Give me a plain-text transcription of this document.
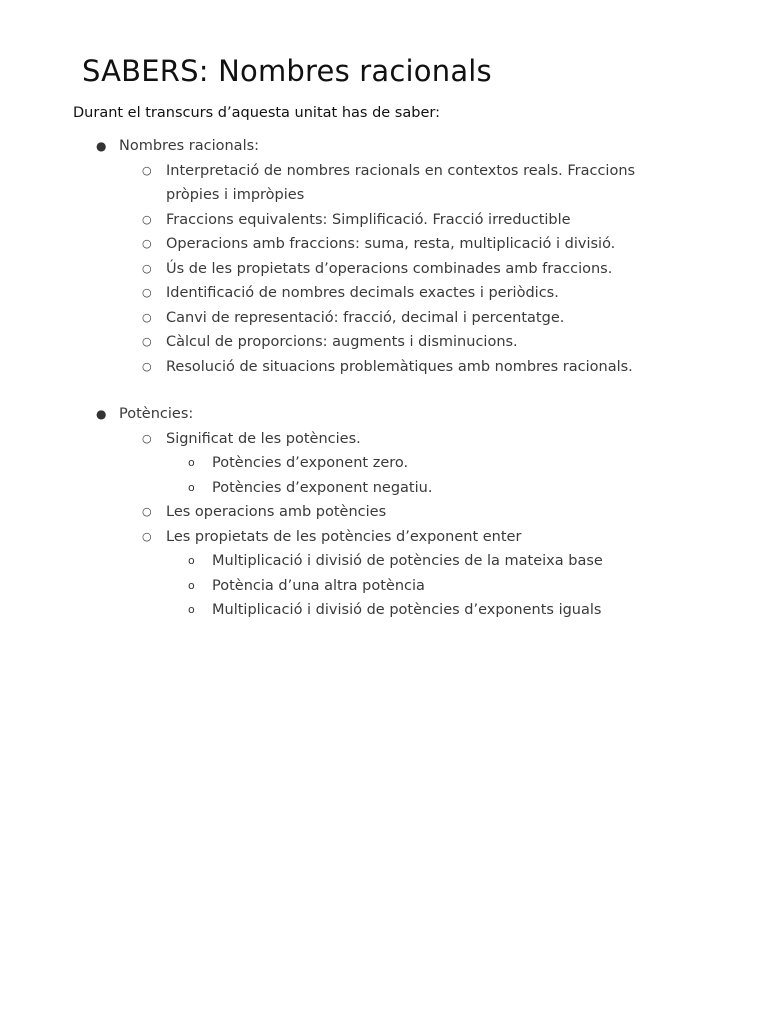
SABERS: Nombres racionals
Durant el transcurs d’aquesta unitat has de saber:
● Nombres racionals:
○ Interpretació de nombres racionals en contextos reals. Fraccions
pròpies i impròpies
○ Fraccions equivalents: Simplificació. Fracció irreductible
○ Operacions amb fraccions: suma, resta, multiplicació i divisió.
○ Ús de les propietats d’operacions combinades amb fraccions.
○ Identificació de nombres decimals exactes i periòdics.
○ Canvi de representació: fracció, decimal i percentatge.
○ Càlcul de proporcions: augments i disminucions.
○ Resolució de situacions problemàtiques amb nombres racionals.
● Potències:
○ Significat de les potències.
o Potències d’exponent zero.
o Potències d’exponent negatiu.
○ Les operacions amb potències
○ Les propietats de les potències d’exponent enter
o Multiplicació i divisió de potències de la mateixa base
o Potència d’una altra potència
o Multiplicació i divisió de potències d’exponents iguals
